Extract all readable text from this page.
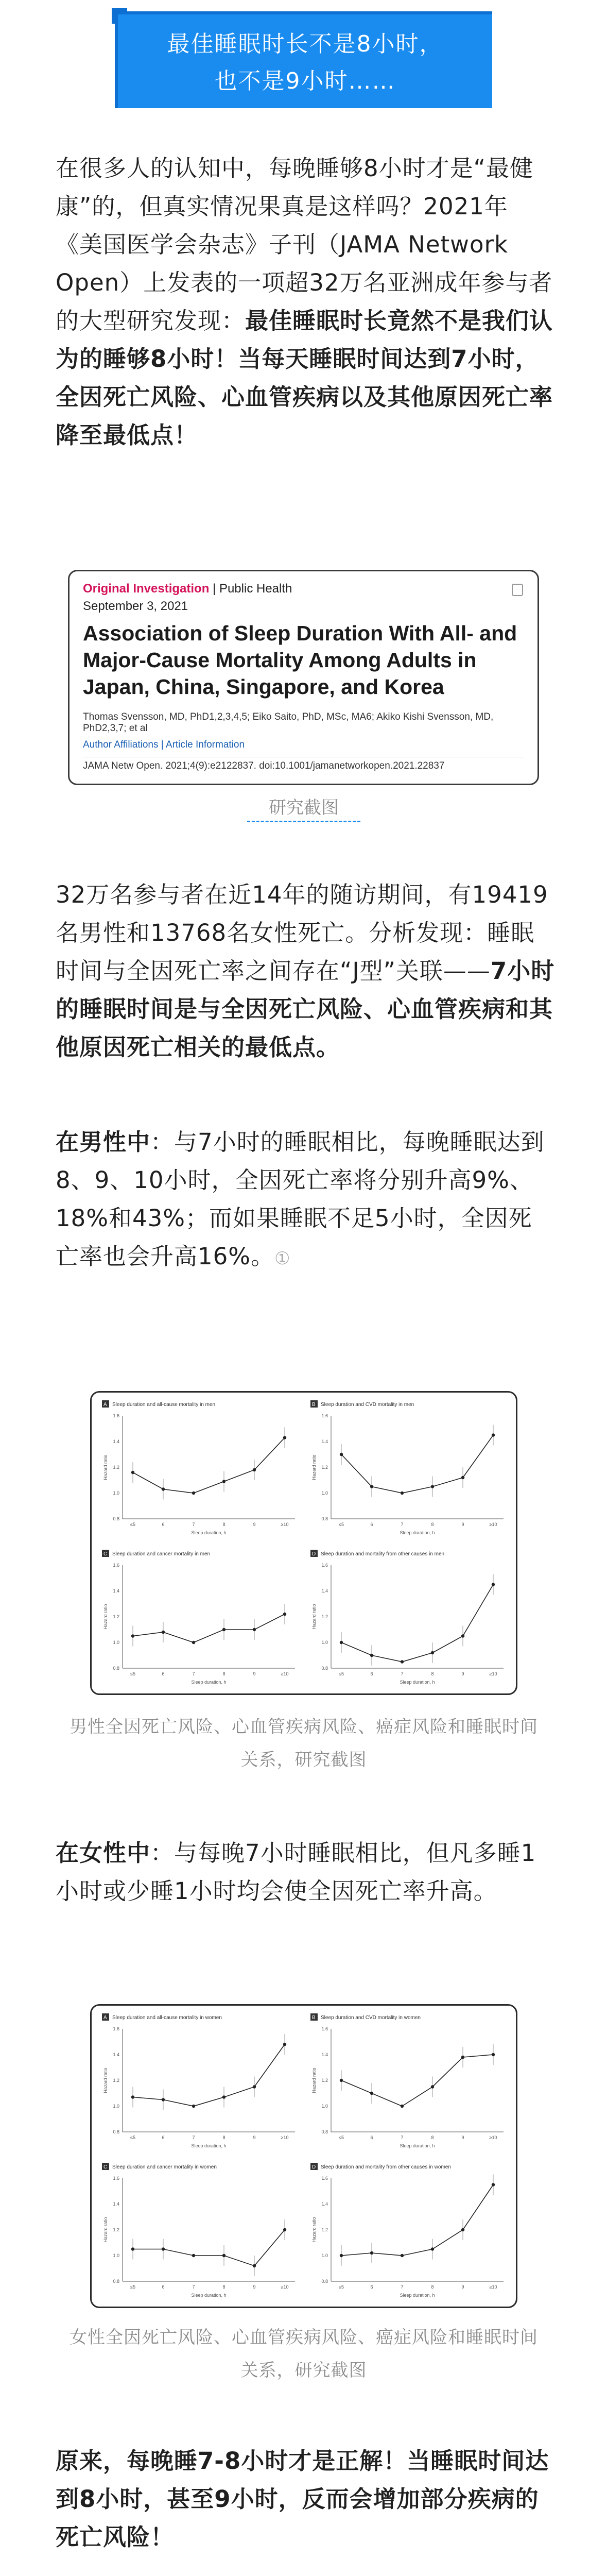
最佳睡眠时长不是8小时，
也不是9小时……
在很多人的认知中，每晚睡够8小时才是“最健康”的，但真实情况果真是这样吗？2021年《美国医学会杂志》子刊（JAMA Network Open）上发表的一项超32万名亚洲成年参与者的大型研究发现：最佳睡眠时长竟然不是我们认为的睡够8小时！当每天睡眠时间达到7小时，全因死亡风险、心血管疾病以及其他原因死亡率降至最低点！
Original Investigation | Public Health
September 3, 2021
Association of Sleep Duration With All- and Major-Cause Mortality Among Adults in Japan, China, Singapore, and Korea
Thomas Svensson, MD, PhD1,2,3,4,5; Eiko Saito, PhD, MSc, MA6; Akiko Kishi Svensson, MD, PhD2,3,7; et al
Author Affiliations | Article Information
JAMA Netw Open. 2021;4(9):e2122837. doi:10.1001/jamanetworkopen.2021.22837
研究截图
32万名参与者在近14年的随访期间，有19419名男性和13768名女性死亡。分析发现：睡眠时间与全因死亡率之间存在“J型”关联——7小时的睡眠时间是与全因死亡风险、心血管疾病和其他原因死亡相关的最低点。
在男性中：与7小时的睡眠相比，每晚睡眠达到8、9、10小时，全因死亡率将分别升高9%、18%和43%；而如果睡眠不足5小时，全因死亡率也会升高16%。①
A Sleep duration and all-cause mortality in men
0.8
1.0
1.2
1.4
1.6
Hazard ratio
≤5	6	7	8	9	≥10
Sleep duration, h
B Sleep duration and CVD mortality in men
0.8
1.0
1.2
1.4
1.6
Hazard ratio
≤5	6	7	8	9	≥10
Sleep duration, h
C Sleep duration and cancer mortality in men
0.8
1.0
1.2
1.4
1.6
Hazard ratio
≤5	6	7	8	9	≥10
Sleep duration, h
D Sleep duration and mortality from other causes in men
0.8
1.0
1.2
1.4
1.6
Hazard ratio
≤5	6	7	8	9	≥10
Sleep duration, h
男性全因死亡风险、心血管疾病风险、癌症风险和睡眠时间关系，研究截图
在女性中：与每晚7小时睡眠相比，但凡多睡1小时或少睡1小时均会使全因死亡率升高。
A Sleep duration and all-cause mortality in women
0.8
1.0
1.2
1.4
1.6
Hazard ratio
≤5	6	7	8	9	≥10
Sleep duration, h
B Sleep duration and CVD mortality in women
0.8
1.0
1.2
1.4
1.6
Hazard ratio
≤5	6	7	8	9	≥10
Sleep duration, h
C Sleep duration and cancer mortality in women
0.8
1.0
1.2
1.4
1.6
Hazard ratio
≤5	6	7	8	9	≥10
Sleep duration, h
D Sleep duration and mortality from other causes in women
0.8
1.0
1.2
1.4
1.6
Hazard ratio
≤5	6	7	8	9	≥10
Sleep duration, h
女性全因死亡风险、心血管疾病风险、癌症风险和睡眠时间关系，研究截图
原来，每晚睡7-8小时才是正解！当睡眠时间达到8小时，甚至9小时，反而会增加部分疾病的死亡风险！
